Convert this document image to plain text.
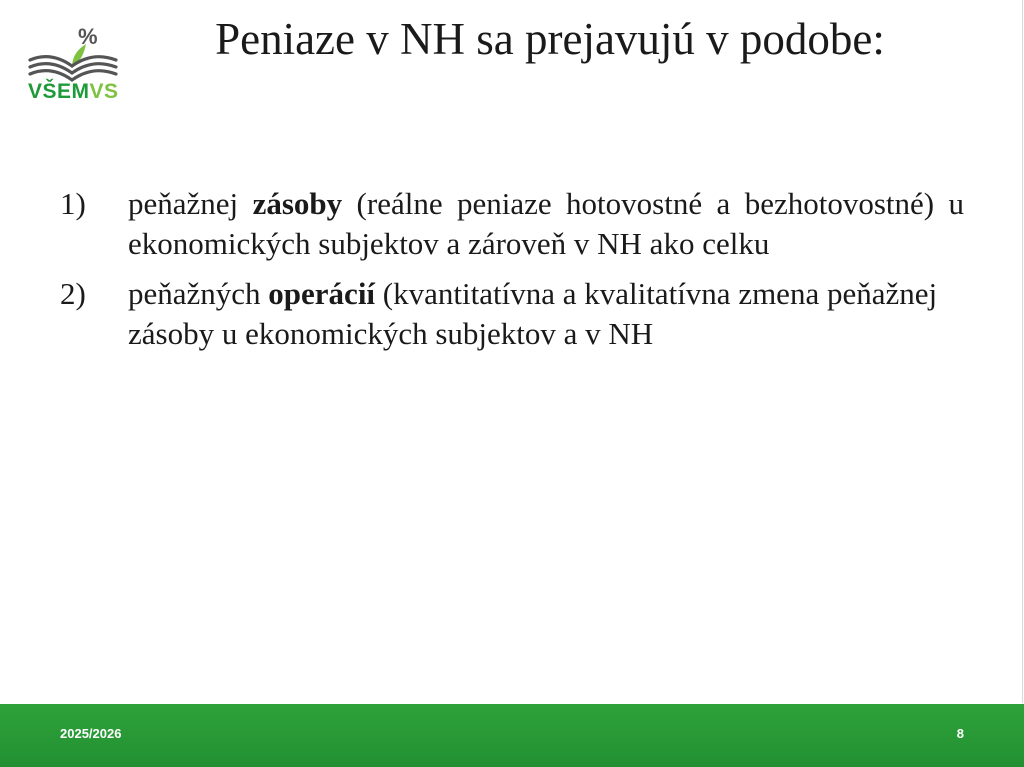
%
VŠEMVS
Peniaze v NH sa prejavujú v podobe:
1)	peňažnej zásoby (reálne peniaze hotovostné a bezhotovostné) u ekonomických subjektov a zároveň v NH ako celku
2)	peňažných operácií (kvantitatívna a kvalitatívna zmena peňažnej zásoby u ekonomických subjektov a v NH
2025/2026	8
